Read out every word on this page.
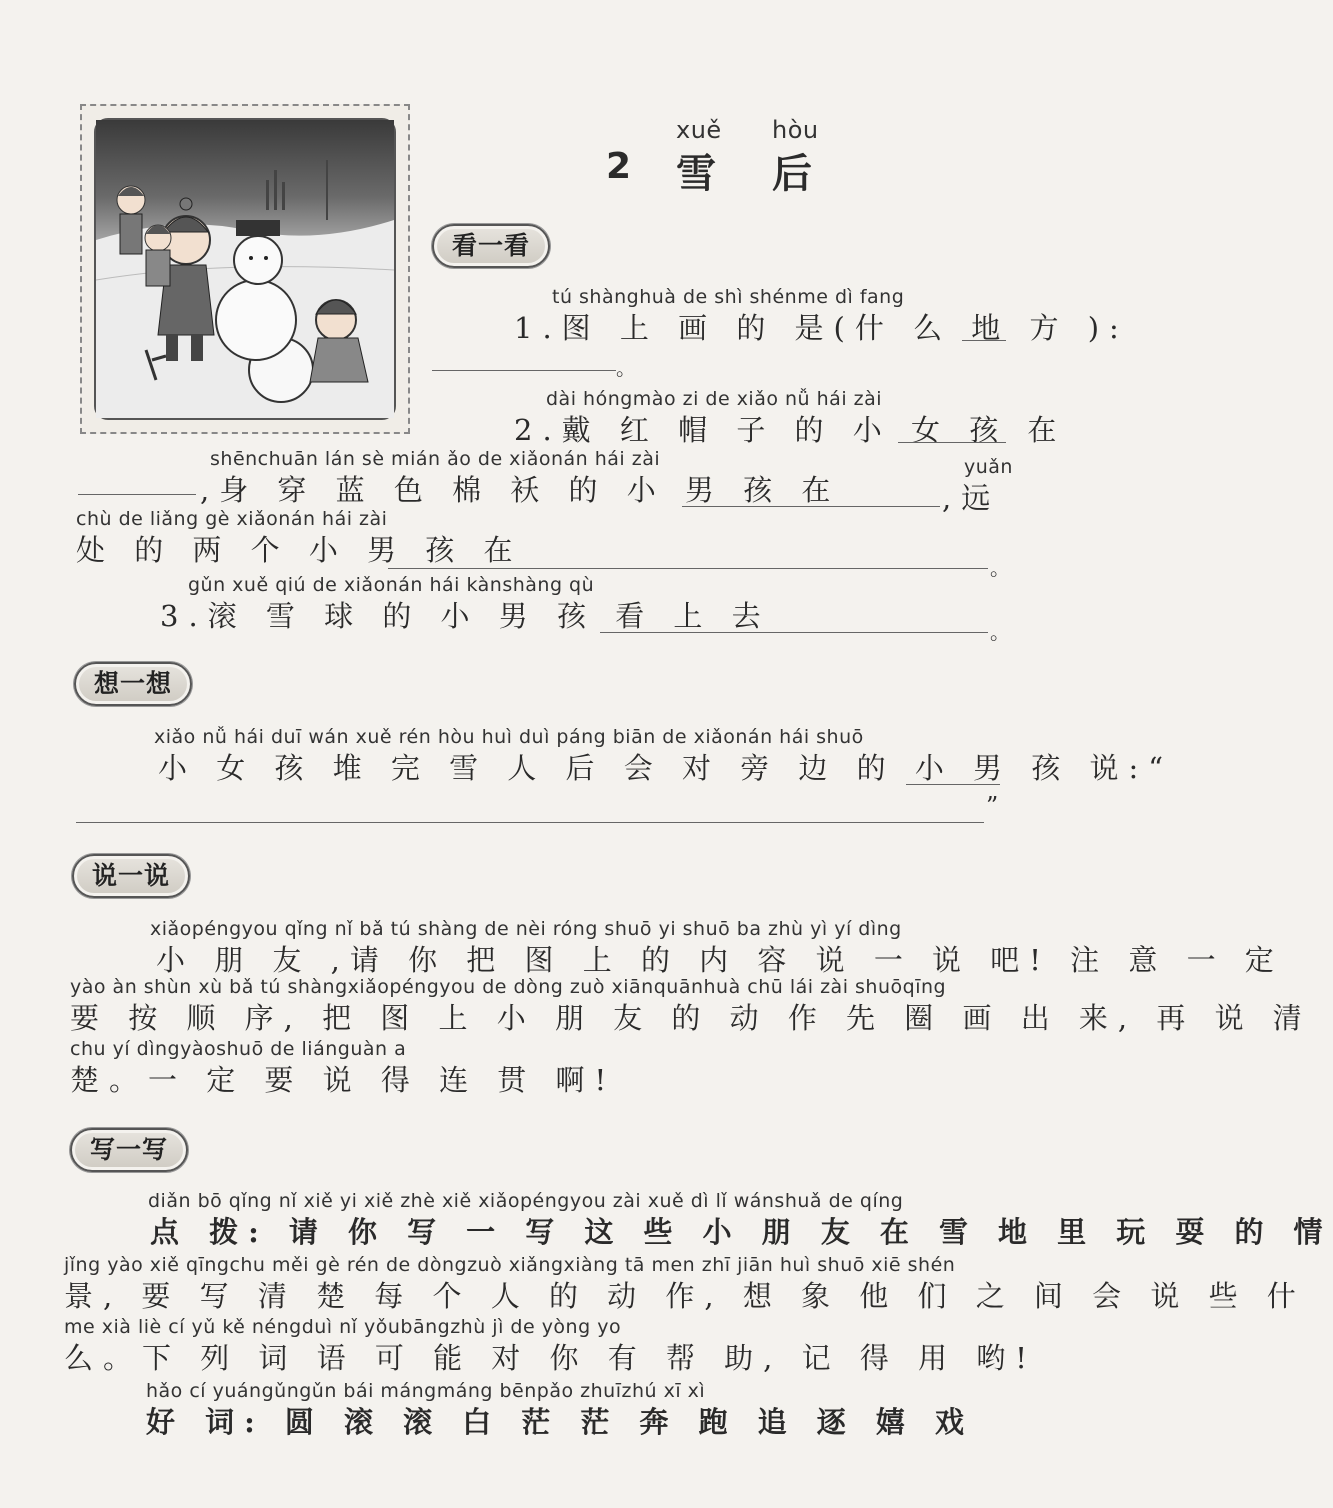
xuě hòu
2 雪 后
看一看
tú shànghuà de shì shénme dì fang
1.图 上 画 的 是(什 么 地 方 ):
。
dài hóngmào zi de xiǎo nǚ hái zài
2.戴 红 帽 子 的 小 女 孩 在
shēnchuān lán sè mián ǎo de xiǎonán hái zài
,身 穿 蓝 色 棉 袄 的 小 男 孩 在
yuǎn
,远
chù de liǎng gè xiǎonán hái zài
处 的 两 个 小 男 孩 在
。
gǔn xuě qiú de xiǎonán hái kànshàng qù
3.滚 雪 球 的 小 男 孩 看 上 去	。
想一想
xiǎo nǚ hái duī wán xuě rén hòu huì duì páng biān de xiǎonán hái shuō
小 女 孩 堆 完 雪 人 后 会 对 旁 边 的 小 男 孩 说:“
”
说一说
xiǎopéngyou qǐng nǐ bǎ tú shàng de nèi róng shuō yi shuō ba zhù yì yí dìng
小 朋 友 ,请 你 把 图 上 的 内 容 说 一 说 吧! 注 意 一 定
yào àn shùn xù bǎ tú shàngxiǎopéngyou de dòng zuò xiānquānhuà chū lái zài shuōqīng
要 按 顺 序, 把 图 上 小 朋 友 的 动 作 先 圈 画 出 来, 再 说 清
chu yí dìngyàoshuō de liánguàn a
楚。一 定 要 说 得 连 贯 啊!
写一写
diǎn bō qǐng nǐ xiě yi xiě zhè xiě xiǎopéngyou zài xuě dì lǐ wánshuǎ de qíng
点 拨: 请 你 写 一 写 这 些 小 朋 友 在 雪 地 里 玩 耍 的 情
jǐng yào xiě qīngchu měi gè rén de dòngzuò xiǎngxiàng tā men zhī jiān huì shuō xiē shén
景, 要 写 清 楚 每 个 人 的 动 作, 想 象 他 们 之 间 会 说 些 什
me xià liè cí yǔ kě néngduì nǐ yǒubāngzhù jì de yòng yo
么。下 列 词 语 可 能 对 你 有 帮 助, 记 得 用 哟!
hǎo cí yuángǔngǔn bái mángmáng bēnpǎo zhuīzhú xī xì
好 词: 圆 滚 滚 白 茫 茫 奔 跑 追 逐 嬉 戏
